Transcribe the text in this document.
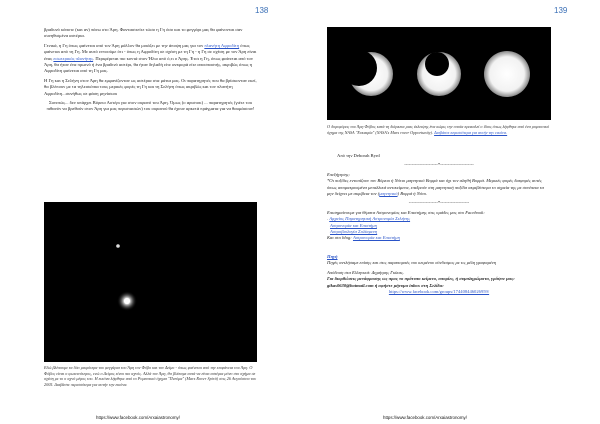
138

βραδυνό κάποτε (και αν) πάνω στο Άρη. Φαντασιτείτε τώσο η Γη όσο και το φεγγάρι μας θα φαίνονται σαν συνηθισμένα αστέρια.

Γενικά, η Γη όπως φαίνεται από τον Άρη μάλλον θα μοιάζει με την άποψη μας για τον πλανήτη Αφροδίτη όπως φαίνεται από τη Γη. Με αυτό εννοούμε ότι - όπως η Αφροδίτη σε σχέση με τη Γη - η Γη σε σχέση με τον Άρη είναι ένας εσωτερικός πλανήτης. Περιφέρεται πιο κοντά στον Ήλιο από ό,τι ο Άρης. Έτσι η Γη, όπως φαίνεται από τον Άρη, θα ήταν ένα πρωινό ή ένα βραδινό αστέρι, θα ήταν δηλαδή είτε ανεφορά είτε αποσπαστής, ακριβώς όπως η Αφροδίτη φαίνεται από τη Γη μας.

Η Γη και η Σελήνη στον Άρη θα εμφανίζονταν ως αστέρια στα μάτια μας. Οι παρατηρητές που θα βρίσκονταν εκεί, θα βλέπουν με τα τηλεσκόπια τους μερικές φορές τη Γη και τη Σελήνη όπως ακριβώς και τον πλανήτη Αφροδίτη...συνήθως σε φάση μηνίσκου

Συνεπώς... δεν υπάρχει Βόρειο Αστέρι για στον ουρανό του Άρη. Όμως (ο αριστοκ) ... παρατηρητές (γιέτε του πιθανόν να βρεθούν στον Άρη για μας περιστασιών) του ουρανού θα έχουν αρκετά πράγματα για να θαυμάσουν!

Εδώ βλέπουμε τα δύο μικρότερα του φεγγάρια του Άρη τον Φόβο και τον Δείμο - όπως φαίνεται από την επιφάνεια του Άρη. Ο Φόβος είναι ο φωτεινότερος, ενώ ο Δείμος είναι πιο αχνός. Αλλά τον Άρη, θα βλέπαμε αυτά να είναι αστέρια μόνο στο σχήμα σε σχέση με το ο αχνό μέρος του. Η εικόνα λήφθηκε από το Ρομποτικό όχημα "Πνεύμα" (Mars Rover Spirit) στις 26 Αυγούστου του 2005. Διαβάστε περισσότερα για αυτήν την εικόνα.
https://www.facebook.com/Arxaiastronomy/
139
Ο δορυφόρος του Άρη Φόβος κατά τη διάρκεια μιας έκλειψης ένα κώρις την οποία προκαλεί ο ίδιος όπως λήφθηκε από ένα ρομποτικό όχημα της NASA "Ευκαιρία" (NASA's Mars rover Opportunity). Διαβάστε περισσότερα για αυτήν την εικόνα.

Από την Deborah Byrd

----------------------*----------------------

Επεξήγησης:

*Οι πυξίδες εντοπίζουν τον Βόρειο ή Νότιο μαγνητικό Βορρά και όχι τον αληθή Βορρά. Μερικές φορές διαφορές αυτές όπως απομακρυσμένα μεταλλικά αντικείμενα, επιδρούν στη μαγνητική πυξίδα ακριβέστερα το σημεία της με συνέπεια τα μην δείχνει με ακρίβεια τον (μαγνητικό) Βορρά ή Νότο.

-------------------*-------------------

Επισημαίνουμε για θέματα Αστρονομίας και Επιστήμης στις ομάδες μας στο Facebook:

. Αρχαίος Παρατηρητική Αστρονομία Σελήνης
Αστρονομία και Επιστήμη
Αστροβιολογία Σολίαμενη

Και στο blog: Αστρονομία και Επιστήμη

Πηγή

Πηγές αντλήσαμε επίσης και στις παραπομπές του κειμένου σύνδεσμος με τις μέλη γραφαμένη

Απόδοση στα Ελληνικά: Δημήτρης Γκίκας.

Για διορθώσεις μετάφρασης ως προς το πρότυπο κείμενο, απορίες, ή συμπληρώματα, γράψτε μας: gikas0630@hotmail.com ή αφήστε μήνυμα inbox στη Σελίδα:

https://www.facebook.com/groups/174408446026959/

https://www.facebook.com/Arxaiastronomy/
